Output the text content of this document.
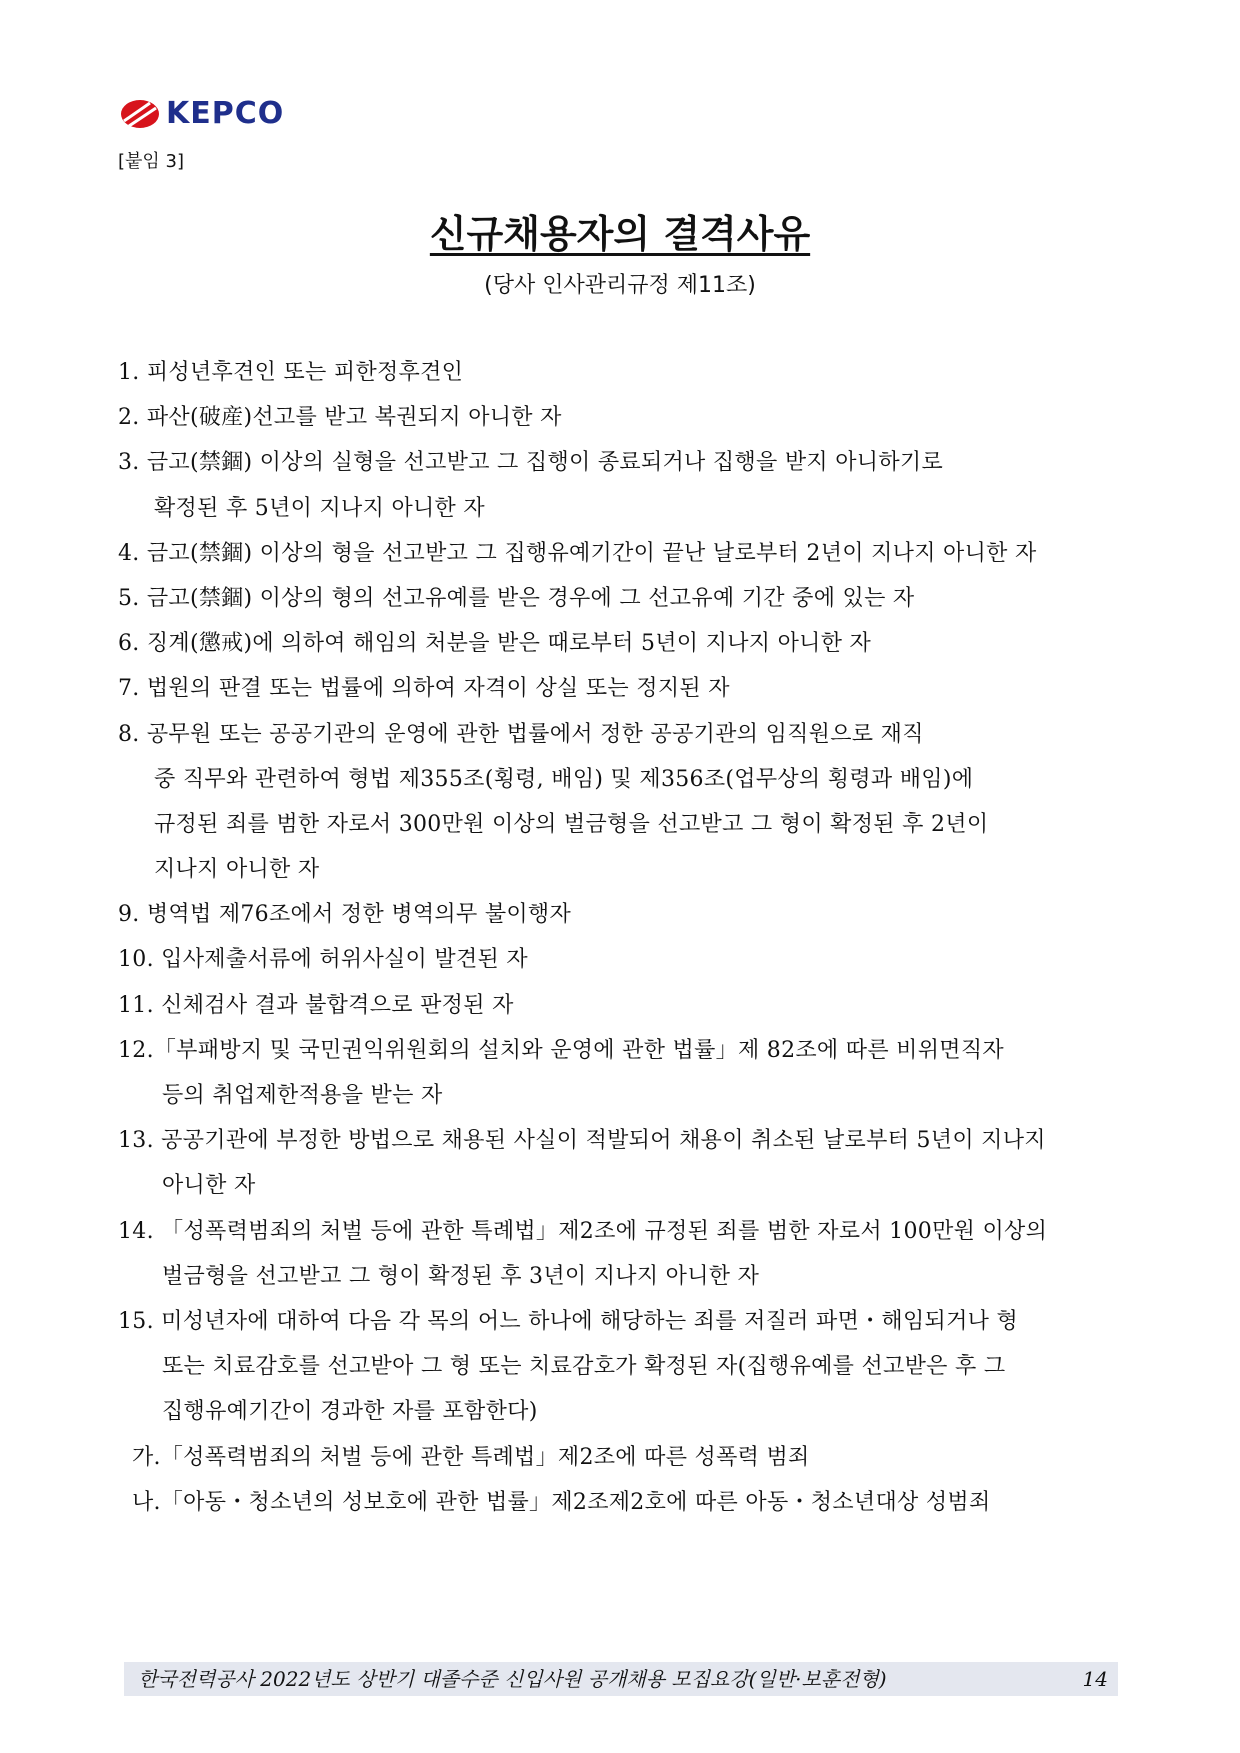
KEPCO
[붙임 3]
신규채용자의 결격사유
(당사 인사관리규정 제11조)
1. 피성년후견인 또는 피한정후견인
2. 파산(破産)선고를 받고 복권되지 아니한 자
3. 금고(禁錮) 이상의 실형을 선고받고 그 집행이 종료되거나 집행을 받지 아니하기로
확정된 후 5년이 지나지 아니한 자
4. 금고(禁錮) 이상의 형을 선고받고 그 집행유예기간이 끝난 날로부터 2년이 지나지 아니한 자
5. 금고(禁錮) 이상의 형의 선고유예를 받은 경우에 그 선고유예 기간 중에 있는 자
6. 징계(懲戒)에 의하여 해임의 처분을 받은 때로부터 5년이 지나지 아니한 자
7. 법원의 판결 또는 법률에 의하여 자격이 상실 또는 정지된 자
8. 공무원 또는 공공기관의 운영에 관한 법률에서 정한 공공기관의 임직원으로 재직
중 직무와 관련하여 형법 제355조(횡령, 배임) 및 제356조(업무상의 횡령과 배임)에
규정된 죄를 범한 자로서 300만원 이상의 벌금형을 선고받고 그 형이 확정된 후 2년이
지나지 아니한 자
9. 병역법 제76조에서 정한 병역의무 불이행자
10. 입사제출서류에 허위사실이 발견된 자
11. 신체검사 결과 불합격으로 판정된 자
12.「부패방지 및 국민권익위원회의 설치와 운영에 관한 법률」제 82조에 따른 비위면직자
등의 취업제한적용을 받는 자
13. 공공기관에 부정한 방법으로 채용된 사실이 적발되어 채용이 취소된 날로부터 5년이 지나지
아니한 자
14. 「성폭력범죄의 처벌 등에 관한 특례법」제2조에 규정된 죄를 범한 자로서 100만원 이상의
벌금형을 선고받고 그 형이 확정된 후 3년이 지나지 아니한 자
15. 미성년자에 대하여 다음 각 목의 어느 하나에 해당하는 죄를 저질러 파면・해임되거나 형
또는 치료감호를 선고받아 그 형 또는 치료감호가 확정된 자(집행유예를 선고받은 후 그
집행유예기간이 경과한 자를 포함한다)
가.「성폭력범죄의 처벌 등에 관한 특례법」제2조에 따른 성폭력 범죄
나.「아동・청소년의 성보호에 관한 법률」제2조제2호에 따른 아동・청소년대상 성범죄
한국전력공사 2022년도 상반기 대졸수준 신입사원 공개채용 모집요강(일반·보훈전형)	14
